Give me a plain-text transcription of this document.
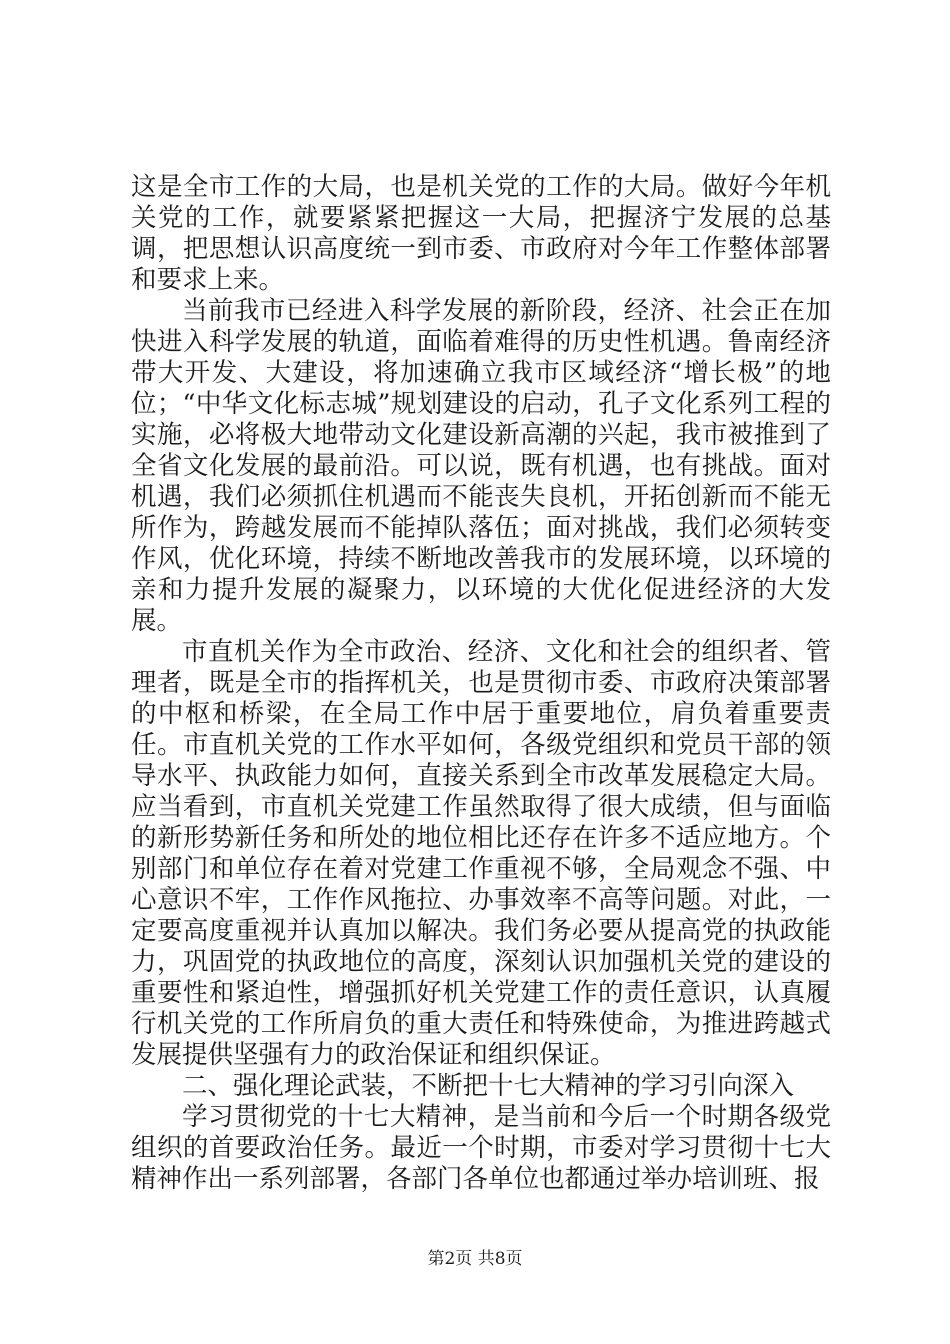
这是全市工作的大局，也是机关党的工作的大局。做好今年机关党的工作，就要紧紧把握这一大局，把握济宁发展的总基调，把思想认识高度统一到市委、市政府对今年工作整体部署和要求上来。

当前我市已经进入科学发展的新阶段，经济、社会正在加快进入科学发展的轨道，面临着难得的历史性机遇。鲁南经济带大开发、大建设，将加速确立我市区域经济“增长极”的地位；“中华文化标志城”规划建设的启动，孔子文化系列工程的实施，必将极大地带动文化建设新高潮的兴起，我市被推到了全省文化发展的最前沿。可以说，既有机遇，也有挑战。面对机遇，我们必须抓住机遇而不能丧失良机，开拓创新而不能无所作为，跨越发展而不能掉队落伍；面对挑战，我们必须转变作风，优化环境，持续不断地改善我市的发展环境，以环境的亲和力提升发展的凝聚力，以环境的大优化促进经济的大发展。

市直机关作为全市政治、经济、文化和社会的组织者、管理者，既是全市的指挥机关，也是贯彻市委、市政府决策部署的中枢和桥梁，在全局工作中居于重要地位，肩负着重要责任。市直机关党的工作水平如何，各级党组织和党员干部的领导水平、执政能力如何，直接关系到全市改革发展稳定大局。应当看到，市直机关党建工作虽然取得了很大成绩，但与面临的新形势新任务和所处的地位相比还存在许多不适应地方。个别部门和单位存在着对党建工作重视不够，全局观念不强、中心意识不牢，工作作风拖拉、办事效率不高等问题。对此，一定要高度重视并认真加以解决。我们务必要从提高党的执政能力，巩固党的执政地位的高度，深刻认识加强机关党的建设的重要性和紧迫性，增强抓好机关党建工作的责任意识，认真履行机关党的工作所肩负的重大责任和特殊使命，为推进跨越式发展提供坚强有力的政治保证和组织保证。

二、强化理论武装，不断把十七大精神的学习引向深入

学习贯彻党的十七大精神，是当前和今后一个时期各级党组织的首要政治任务。最近一个时期，市委对学习贯彻十七大精神作出一系列部署，各部门各单位也都通过举办培训班、报

第2页 共8页
